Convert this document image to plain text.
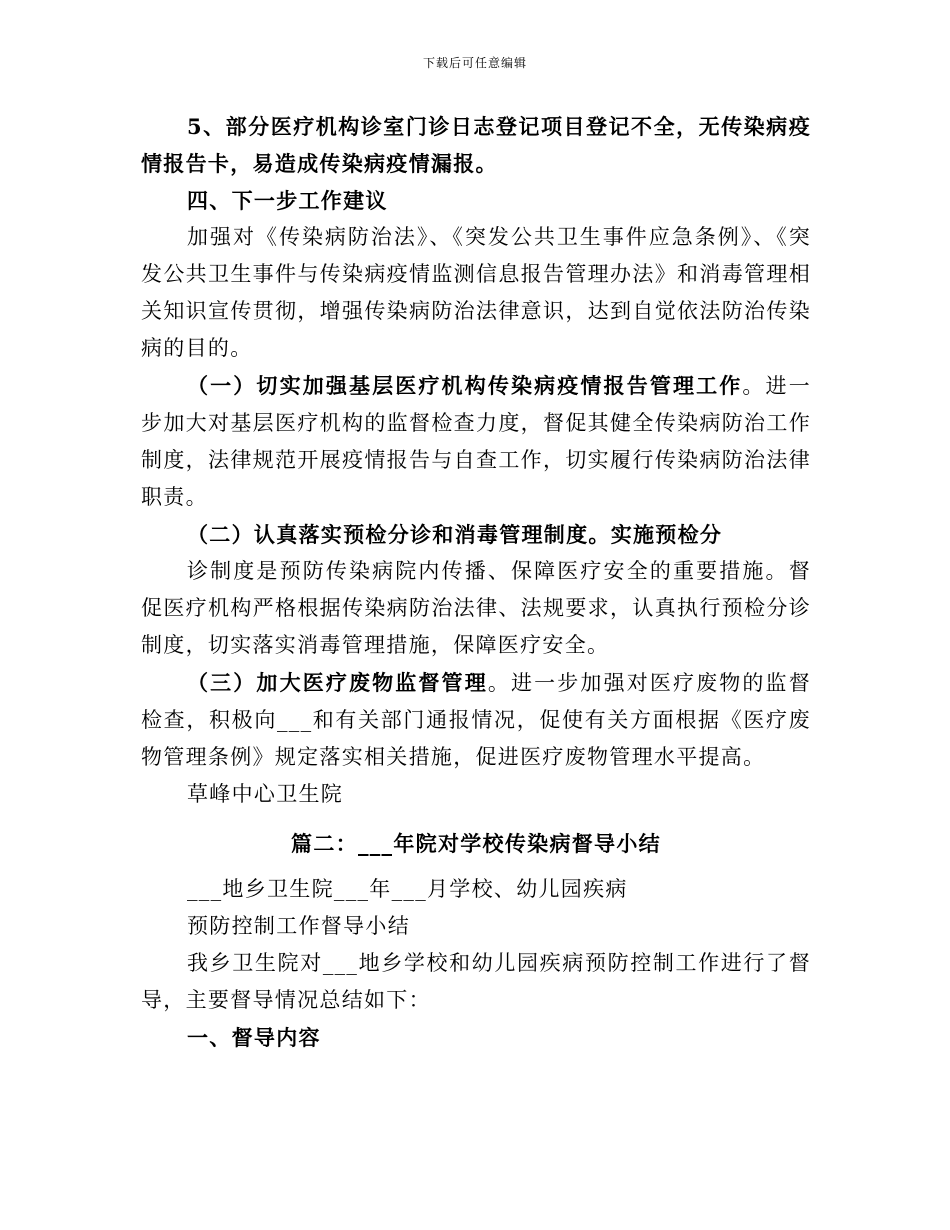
下载后可任意编辑

5、部分医疗机构诊室门诊日志登记项目登记不全，无传染病疫情报告卡，易造成传染病疫情漏报。

四、下一步工作建议

加强对《传染病防治法》、《突发公共卫生事件应急条例》、《突发公共卫生事件与传染病疫情监测信息报告管理办法》和消毒管理相关知识宣传贯彻，增强传染病防治法律意识，达到自觉依法防治传染病的目的。

（一）切实加强基层医疗机构传染病疫情报告管理工作。进一步加大对基层医疗机构的监督检查力度，督促其健全传染病防治工作制度，法律规范开展疫情报告与自查工作，切实履行传染病防治法律职责。

（二）认真落实预检分诊和消毒管理制度。实施预检分

诊制度是预防传染病院内传播、保障医疗安全的重要措施。督促医疗机构严格根据传染病防治法律、法规要求，认真执行预检分诊制度，切实落实消毒管理措施，保障医疗安全。

（三）加大医疗废物监督管理。进一步加强对医疗废物的监督检查，积极向___和有关部门通报情况，促使有关方面根据《医疗废物管理条例》规定落实相关措施，促进医疗废物管理水平提高。

草峰中心卫生院

篇二：___年院对学校传染病督导小结

___地乡卫生院___年___月学校、幼儿园疾病

预防控制工作督导小结

我乡卫生院对___地乡学校和幼儿园疾病预防控制工作进行了督导，主要督导情况总结如下：

一、督导内容
